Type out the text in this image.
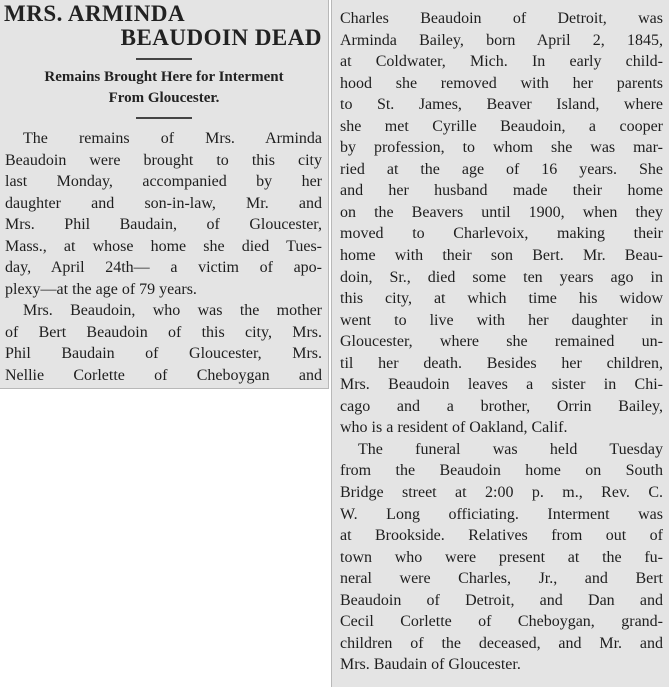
MRS. ARMINDA
BEAUDOIN DEAD

Remains Brought Here for Interment

From Gloucester.

The remains of Mrs. Arminda
Beaudoin were brought to this city
last Monday, accompanied by her
daughter and son-in-law, Mr. and
Mrs. Phil Baudain, of Gloucester,
Mass., at whose home she died Tues-
day, April 24th— a victim of apo-
plexy—at the age of 79 years.
Mrs. Beaudoin, who was the mother
of Bert Beaudoin of this city, Mrs.
Phil Baudain of Gloucester, Mrs.
Nellie Corlette of Cheboygan and
Charles Beaudoin of Detroit, was
Arminda Bailey, born April 2, 1845,
at Coldwater, Mich. In early child-
hood she removed with her parents
to St. James, Beaver Island, where
she met Cyrille Beaudoin, a cooper
by profession, to whom she was mar-
ried at the age of 16 years. She
and her husband made their home
on the Beavers until 1900, when they
moved to Charlevoix, making their
home with their son Bert. Mr. Beau-
doin, Sr., died some ten years ago in
this city, at which time his widow
went to live with her daughter in
Gloucester, where she remained un-
til her death. Besides her children,
Mrs. Beaudoin leaves a sister in Chi-
cago and a brother, Orrin Bailey,
who is a resident of Oakland, Calif.
The funeral was held Tuesday
from the Beaudoin home on South
Bridge street at 2:00 p. m., Rev. C.
W. Long officiating. Interment was
at Brookside. Relatives from out of
town who were present at the fu-
neral were Charles, Jr., and Bert
Beaudoin of Detroit, and Dan and
Cecil Corlette of Cheboygan, grand-
children of the deceased, and Mr. and
Mrs. Baudain of Gloucester.
